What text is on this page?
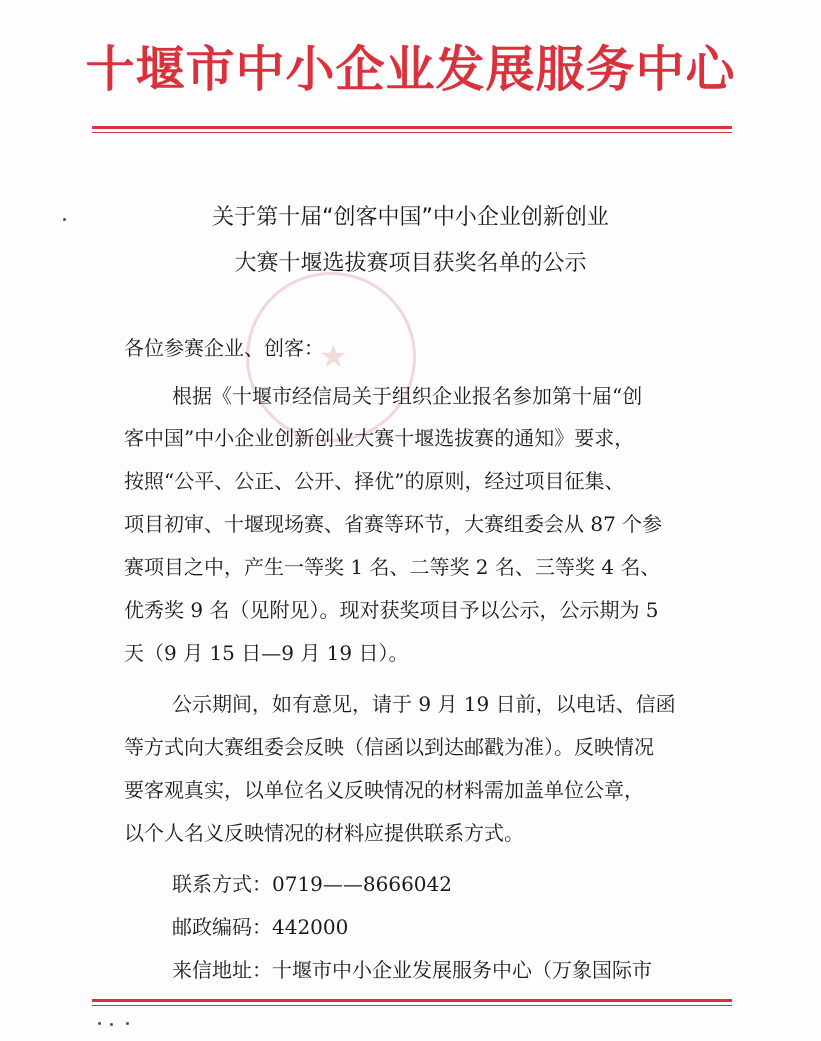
十堰市中小企业发展服务中心
★
关于第十届“创客中国”中小企业创新创业
大赛十堰选拔赛项目获奖名单的公示
各位参赛企业、创客：
根据《十堰市经信局关于组织企业报名参加第十届“创
客中国”中小企业创新创业大赛十堰选拔赛的通知》要求，
按照“公平、公正、公开、择优”的原则，经过项目征集、
项目初审、十堰现场赛、省赛等环节，大赛组委会从 87 个参
赛项目之中，产生一等奖 1 名、二等奖 2 名、三等奖 4 名、
优秀奖 9 名（见附见）。现对获奖项目予以公示，公示期为 5
天（9 月 15 日—9 月 19 日）。
公示期间，如有意见，请于 9 月 19 日前，以电话、信函
等方式向大赛组委会反映（信函以到达邮戳为准）。反映情况
要客观真实，以单位名义反映情况的材料需加盖单位公章，
以个人名义反映情况的材料应提供联系方式。
联系方式：0719——8666042
邮政编码：442000
来信地址：十堰市中小企业发展服务中心（万象国际市
